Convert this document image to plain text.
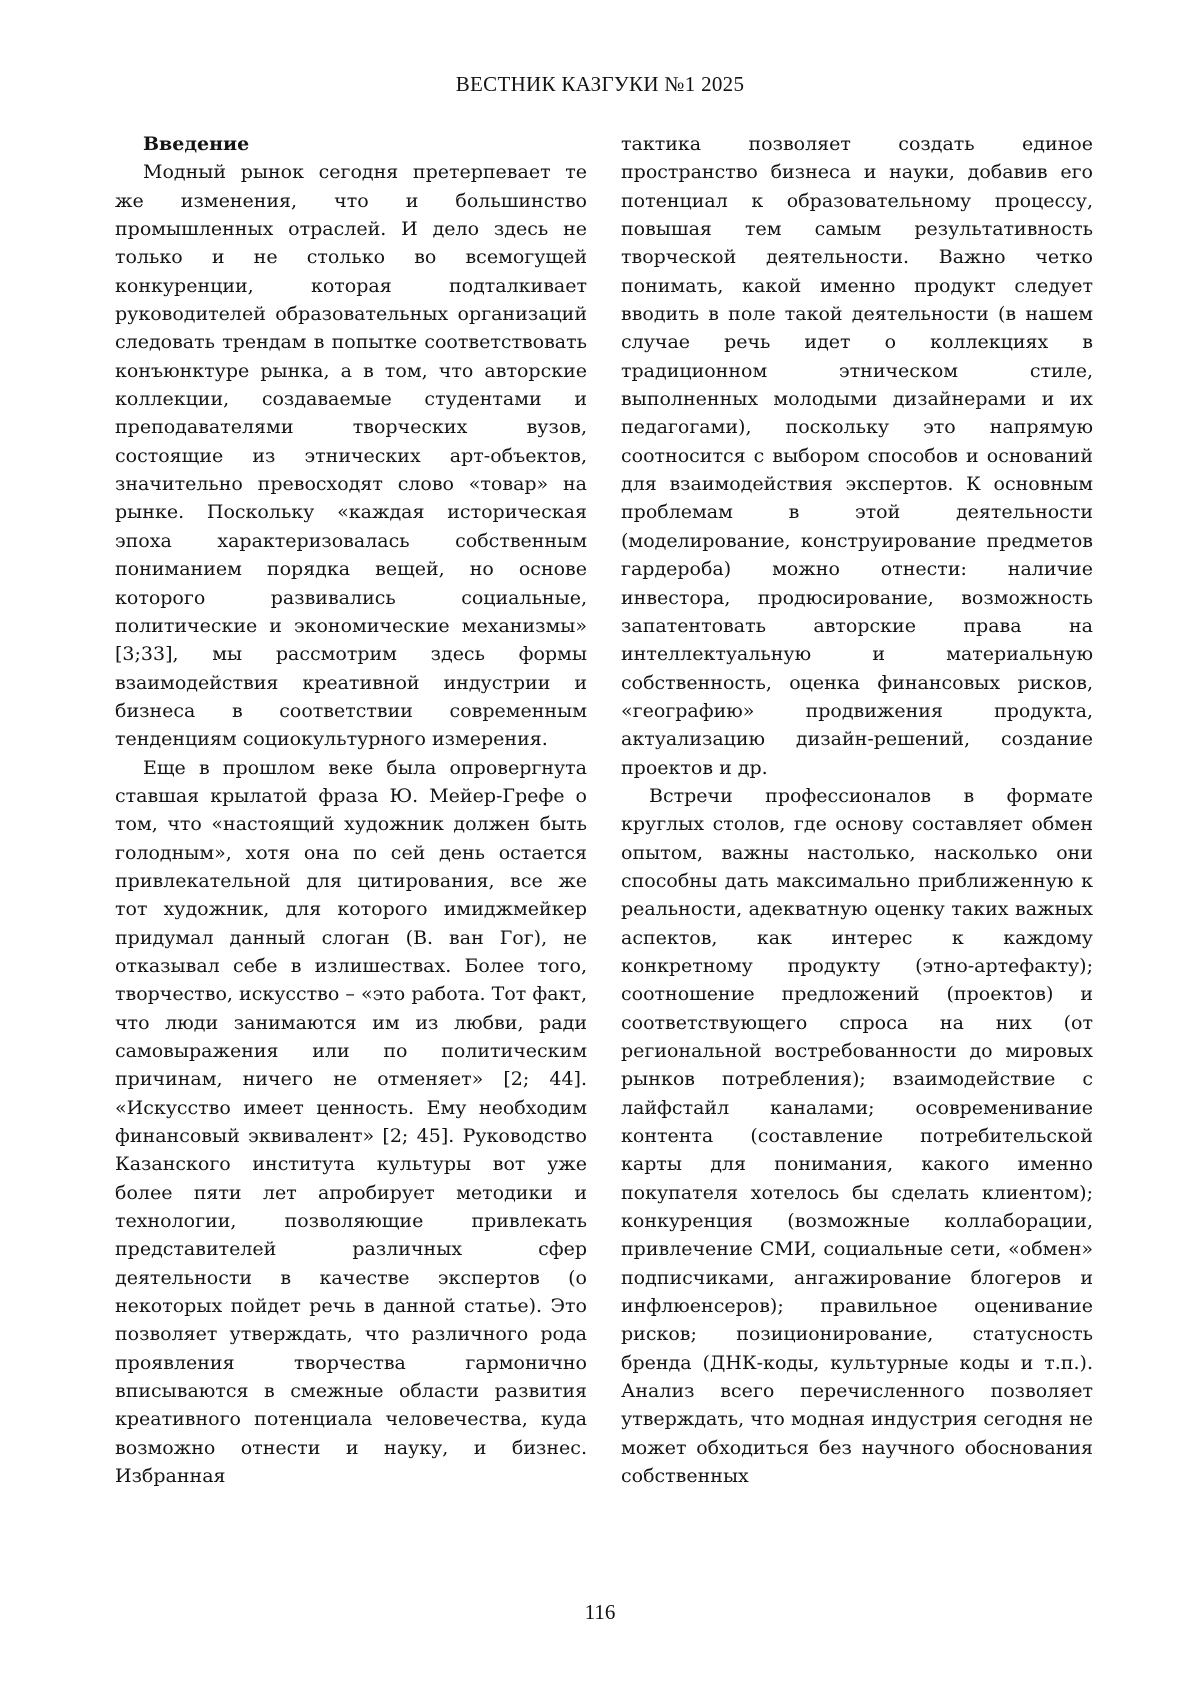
ВЕСТНИК КАЗГУКИ №1 2025
Введение

Модный рынок сегодня претерпевает те же изменения, что и большинство промышленных отраслей. И дело здесь не только и не столько во всемогущей конкуренции, которая подталкивает руководителей образовательных организаций следовать трендам в попытке соответствовать конъюнктуре рынка, а в том, что авторские коллекции, создаваемые студентами и преподавателями творческих вузов, состоящие из этнических арт-объектов, значительно превосходят слово «товар» на рынке. Поскольку «каждая историческая эпоха характеризовалась собственным пониманием порядка вещей, но основе которого развивались социальные, политические и экономические механизмы» [3;33], мы рассмотрим здесь формы взаимодействия креативной индустрии и бизнеса в соответствии современным тенденциям социокультурного измерения.

Еще в прошлом веке была опровергнута ставшая крылатой фраза Ю. Мейер-Грефе о том, что «настоящий художник должен быть голодным», хотя она по сей день остается привлекательной для цитирования, все же тот художник, для которого имиджмейкер придумал данный слоган (В. ван Гог), не отказывал себе в излишествах. Более того, творчество, искусство – «это работа. Тот факт, что люди занимаются им из любви, ради самовыражения или по политическим причинам, ничего не отменяет» [2; 44]. «Искусство имеет ценность. Ему необходим финансовый эквивалент» [2; 45]. Руководство Казанского института культуры вот уже более пяти лет апробирует методики и технологии, позволяющие привлекать представителей различных сфер деятельности в качестве экспертов (о некоторых пойдет речь в данной статье). Это позволяет утверждать, что различного рода проявления творчества гармонично вписываются в смежные области развития креативного потенциала человечества, куда возможно отнести и науку, и бизнес. Избранная

тактика позволяет создать единое пространство бизнеса и науки, добавив его потенциал к образовательному процессу, повышая тем самым результативность творческой деятельности. Важно четко понимать, какой именно продукт следует вводить в поле такой деятельности (в нашем случае речь идет о коллекциях в традиционном этническом стиле, выполненных молодыми дизайнерами и их педагогами), поскольку это напрямую соотносится с выбором способов и оснований для взаимодействия экспертов. К основным проблемам в этой деятельности (моделирование, конструирование предметов гардероба) можно отнести: наличие инвестора, продюсирование, возможность запатентовать авторские права на интеллектуальную и материальную собственность, оценка финансовых рисков, «географию» продвижения продукта, актуализацию дизайн-решений, создание проектов и др.

Встречи профессионалов в формате круглых столов, где основу составляет обмен опытом, важны настолько, насколько они способны дать максимально приближенную к реальности, адекватную оценку таких важных аспектов, как интерес к каждому конкретному продукту (этно-артефакту); соотношение предложений (проектов) и соответствующего спроса на них (от региональной востребованности до мировых рынков потребления); взаимодействие с лайфстайл каналами; осовременивание контента (составление потребительской карты для понимания, какого именно покупателя хотелось бы сделать клиентом); конкуренция (возможные коллаборации, привлечение СМИ, социальные сети, «обмен» подписчиками, ангажирование блогеров и инфлюенсеров); правильное оценивание рисков; позиционирование, статусность бренда (ДНК-коды, культурные коды и т.п.). Анализ всего перечисленного позволяет утверждать, что модная индустрия сегодня не может обходиться без научного обоснования собственных

116
